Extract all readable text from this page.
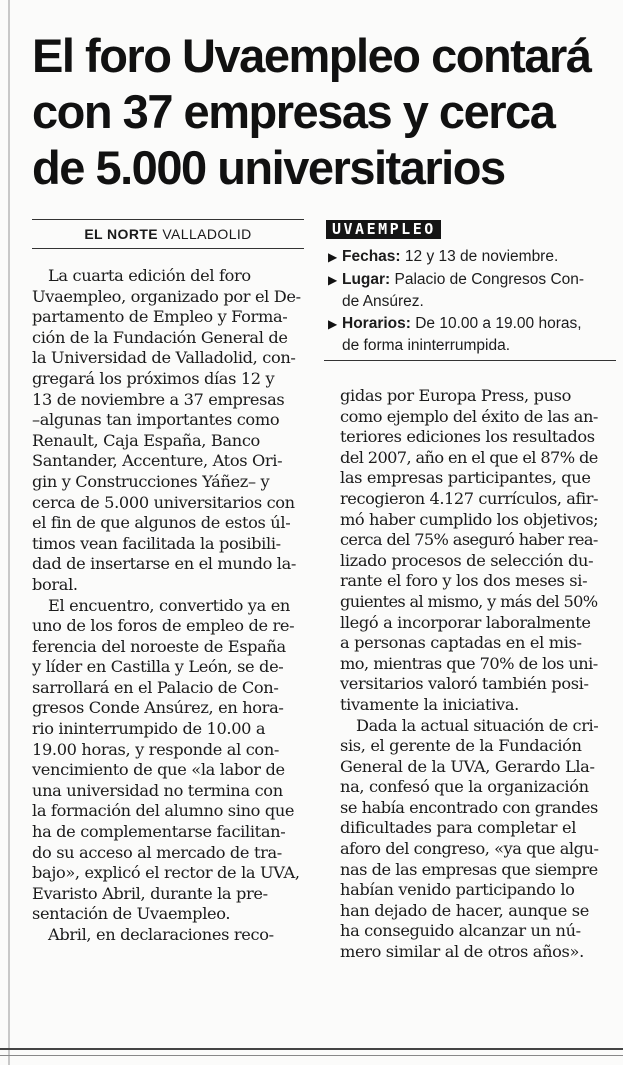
El foro Uvaempleo contará
con 37 empresas y cerca
de 5.000 universitarios
EL NORTE VALLADOLID	UVAEMPLEO
▶ Fechas: 12 y 13 de noviembre.
▶ Lugar: Palacio de Congresos Con-
de Ansúrez.
▶ Horarios: De 10.00 a 19.00 horas,
de forma ininterrumpida.
La cuarta edición del foro
Uvaempleo, organizado por el De-
partamento de Empleo y Forma-
ción de la Fundación General de
la Universidad de Valladolid, con-
gregará los próximos días 12 y
13 de noviembre a 37 empresas
–algunas tan importantes como
Renault, Caja España, Banco
Santander, Accenture, Atos Ori-
gin y Construcciones Yáñez– y
cerca de 5.000 universitarios con
el fin de que algunos de estos úl-
timos vean facilitada la posibili-
dad de insertarse en el mundo la-
boral.
El encuentro, convertido ya en
uno de los foros de empleo de re-
ferencia del noroeste de España
y líder en Castilla y León, se de-
sarrollará en el Palacio de Con-
gresos Conde Ansúrez, en hora-
rio ininterrumpido de 10.00 a
19.00 horas, y responde al con-
vencimiento de que «la labor de
una universidad no termina con
la formación del alumno sino que
ha de complementarse facilitan-
do su acceso al mercado de tra-
bajo», explicó el rector de la UVA,
Evaristo Abril, durante la pre-
sentación de Uvaempleo.
Abril, en declaraciones reco-
gidas por Europa Press, puso
como ejemplo del éxito de las an-
teriores ediciones los resultados
del 2007, año en el que el 87% de
las empresas participantes, que
recogieron 4.127 currículos, afir-
mó haber cumplido los objetivos;
cerca del 75% aseguró haber rea-
lizado procesos de selección du-
rante el foro y los dos meses si-
guientes al mismo, y más del 50%
llegó a incorporar laboralmente
a personas captadas en el mis-
mo, mientras que 70% de los uni-
versitarios valoró también posi-
tivamente la iniciativa.
Dada la actual situación de cri-
sis, el gerente de la Fundación
General de la UVA, Gerardo Lla-
na, confesó que la organización
se había encontrado con grandes
dificultades para completar el
aforo del congreso, «ya que algu-
nas de las empresas que siempre
habían venido participando lo
han dejado de hacer, aunque se
ha conseguido alcanzar un nú-
mero similar al de otros años».
